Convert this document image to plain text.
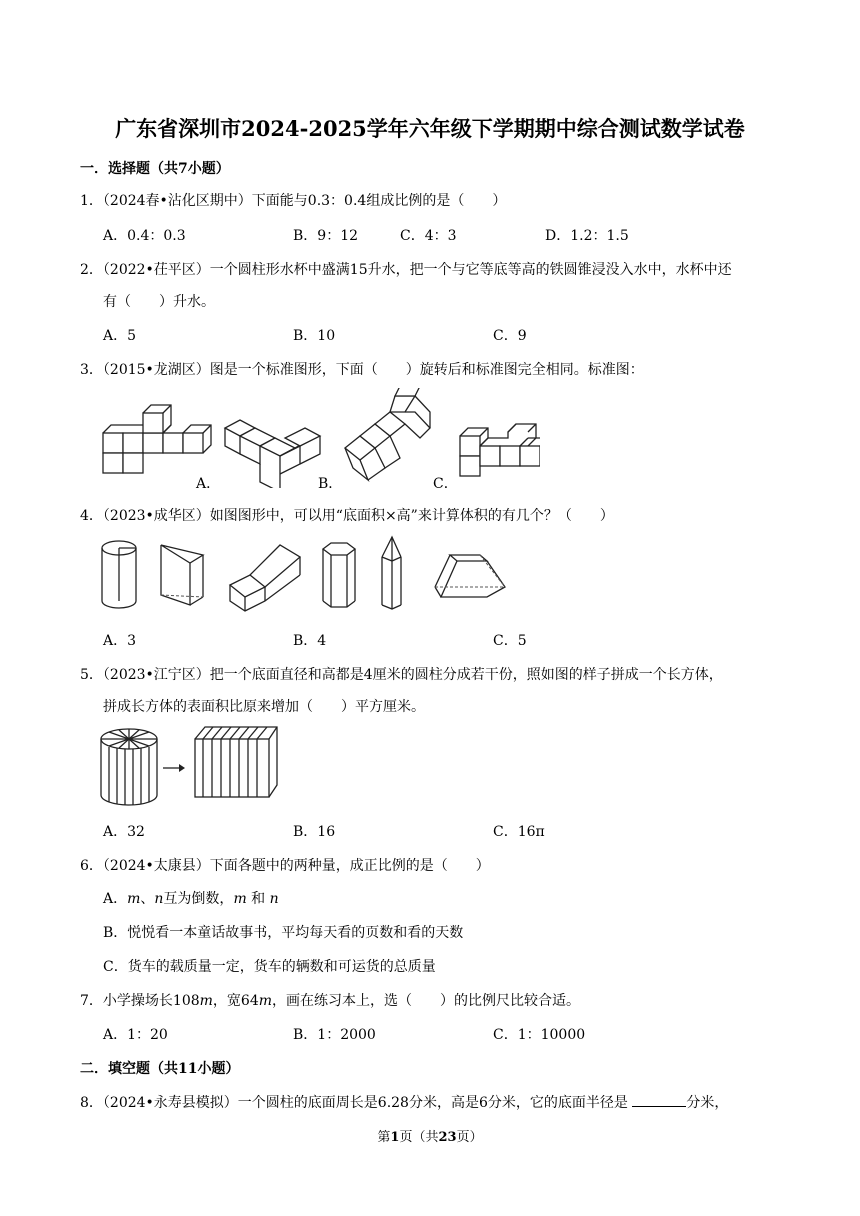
广东省深圳市2024-2025学年六年级下学期期中综合测试数学试卷
一．选择题（共7小题）
1．（2024春•沾化区期中）下面能与0.3：0.4组成比例的是（　　）
A．0.4：0.3	B．9：12	C．4：3	D．1.2：1.5
2．（2022•茌平区）一个圆柱形水杯中盛满15升水，把一个与它等底等高的铁圆锥浸没入水中，水杯中还
有（　　）升水。
A．5	B．10	C．9
3．（2015•龙湖区）图是一个标准图形，下面（　　）旋转后和标准图完全相同。标准图：
A．	B．	C．
4．（2023•成华区）如图图形中，可以用“底面积×高”来计算体积的有几个？（　　）
A．3	B．4	C．5
5．（2023•江宁区）把一个底面直径和高都是4厘米的圆柱分成若干份，照如图的样子拼成一个长方体，
拼成长方体的表面积比原来增加（　　）平方厘米。
A．32	B．16	C．16π
6．（2024•太康县）下面各题中的两种量，成正比例的是（　　）
A．m、n互为倒数，m 和 n
B．悦悦看一本童话故事书，平均每天看的页数和看的天数
C．货车的载质量一定，货车的辆数和可运货的总质量
7．小学操场长108m，宽64m，画在练习本上，选（　　）的比例尺比较合适。
A．1：20	B．1：2000	C．1：10000
二．填空题（共11小题）
8．（2024•永寿县模拟）一个圆柱的底面周长是6.28分米，高是6分米，它的底面半径是	分米，
第1页（共23页）
